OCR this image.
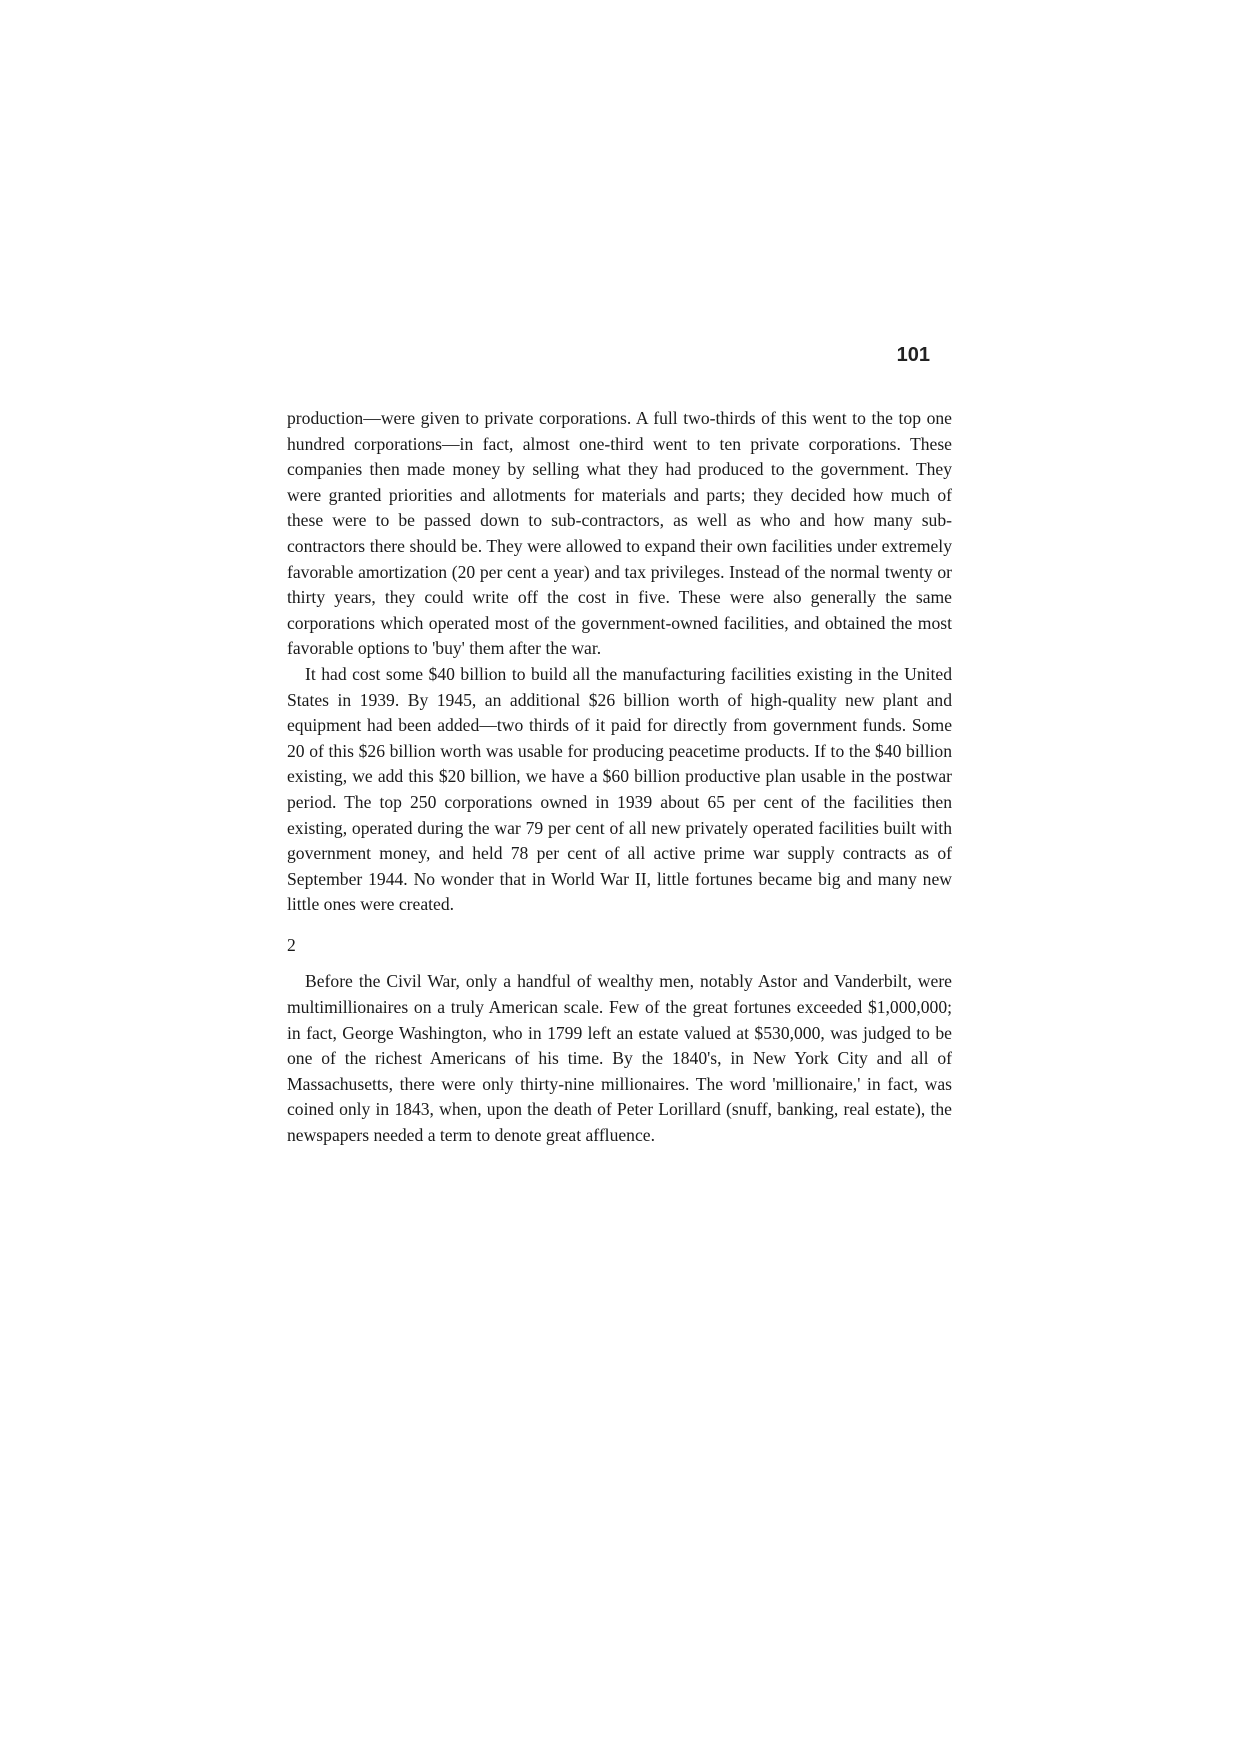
101

production—were given to private corporations. A full two-thirds of this went to the top one hundred corporations—in fact, almost one-third went to ten private corporations. These companies then made money by selling what they had produced to the government. They were granted priorities and allotments for materials and parts; they decided how much of these were to be passed down to sub-contractors, as well as who and how many sub-contractors there should be. They were allowed to expand their own facilities under extremely favorable amortization (20 per cent a year) and tax privileges. Instead of the normal twenty or thirty years, they could write off the cost in five. These were also generally the same corporations which operated most of the government-owned facilities, and obtained the most favorable options to 'buy' them after the war.

It had cost some $40 billion to build all the manufacturing facilities existing in the United States in 1939. By 1945, an additional $26 billion worth of high-quality new plant and equipment had been added—two thirds of it paid for directly from government funds. Some 20 of this $26 billion worth was usable for producing peacetime products. If to the $40 billion existing, we add this $20 billion, we have a $60 billion productive plan usable in the postwar period. The top 250 corporations owned in 1939 about 65 per cent of the facilities then existing, operated during the war 79 per cent of all new privately operated facilities built with government money, and held 78 per cent of all active prime war supply contracts as of September 1944. No wonder that in World War II, little fortunes became big and many new little ones were created.

2

Before the Civil War, only a handful of wealthy men, notably Astor and Vanderbilt, were multimillionaires on a truly American scale. Few of the great fortunes exceeded $1,000,000; in fact, George Washington, who in 1799 left an estate valued at $530,000, was judged to be one of the richest Americans of his time. By the 1840's, in New York City and all of Massachusetts, there were only thirty-nine millionaires. The word 'millionaire,' in fact, was coined only in 1843, when, upon the death of Peter Lorillard (snuff, banking, real estate), the newspapers needed a term to denote great affluence.
